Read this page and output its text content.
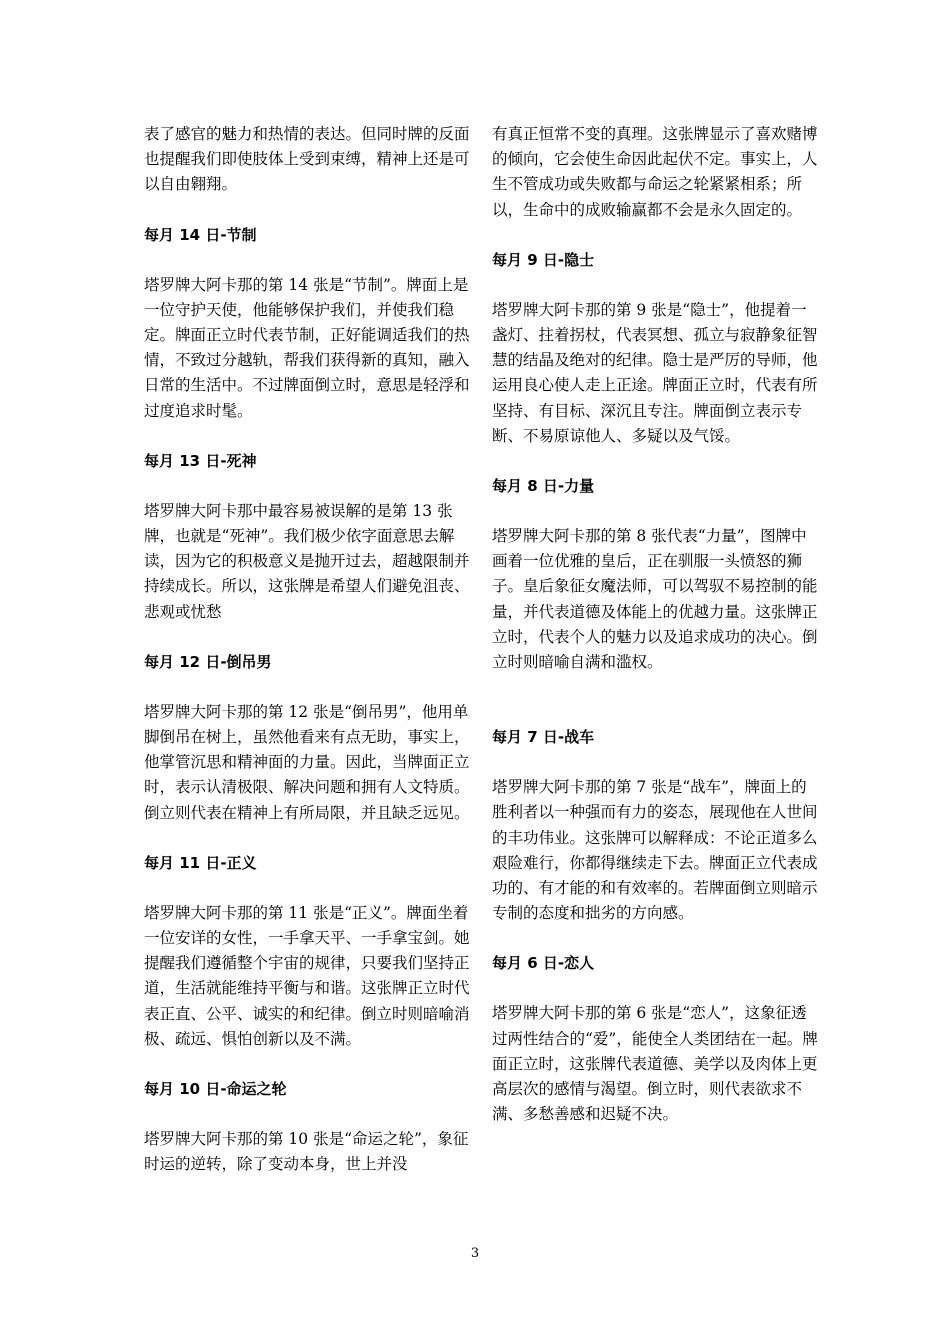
表了感官的魅力和热情的表达。但同时牌的反面也提醒我们即使肢体上受到束缚，精神上还是可以自由翱翔。

每月 14 日-节制

塔罗牌大阿卡那的第 14 张是“节制”。牌面上是一位守护天使，他能够保护我们，并使我们稳定。牌面正立时代表节制，正好能调适我们的热情，不致过分越轨，帮我们获得新的真知，融入日常的生活中。不过牌面倒立时，意思是轻浮和过度追求时髦。

每月 13 日-死神

塔罗牌大阿卡那中最容易被误解的是第 13 张牌，也就是“死神”。我们极少依字面意思去解读，因为它的积极意义是抛开过去，超越限制并持续成长。所以，这张牌是希望人们避免沮丧、悲观或忧愁

每月 12 日-倒吊男

塔罗牌大阿卡那的第 12 张是“倒吊男”，他用单脚倒吊在树上，虽然他看来有点无助，事实上，他掌管沉思和精神面的力量。因此，当牌面正立时，表示认清极限、解决问题和拥有人文特质。倒立则代表在精神上有所局限，并且缺乏远见。

每月 11 日-正义

塔罗牌大阿卡那的第 11 张是“正义”。牌面坐着一位安详的女性，一手拿天平、一手拿宝剑。她提醒我们遵循整个宇宙的规律，只要我们坚持正道，生活就能维持平衡与和谐。这张牌正立时代表正直、公平、诚实的和纪律。倒立时则暗喻消极、疏远、惧怕创新以及不满。

每月 10 日-命运之轮

塔罗牌大阿卡那的第 10 张是“命运之轮”，象征时运的逆转，除了变动本身，世上并没

有真正恒常不变的真理。这张牌显示了喜欢赌博的倾向，它会使生命因此起伏不定。事实上，人生不管成功或失败都与命运之轮紧紧相系；所以，生命中的成败输赢都不会是永久固定的。

每月 9 日-隐士

塔罗牌大阿卡那的第 9 张是“隐士”，他提着一盏灯、拄着拐杖，代表冥想、孤立与寂静象征智慧的结晶及绝对的纪律。隐士是严厉的导师，他运用良心使人走上正途。牌面正立时，代表有所坚持、有目标、深沉且专注。牌面倒立表示专断、不易原谅他人、多疑以及气馁。

每月 8 日-力量

塔罗牌大阿卡那的第 8 张代表“力量”，图牌中画着一位优雅的皇后，正在驯服一头愤怒的狮子。皇后象征女魔法师，可以驾驭不易控制的能量，并代表道德及体能上的优越力量。这张牌正立时，代表个人的魅力以及追求成功的决心。倒立时则暗喻自满和滥权。

每月 7 日-战车

塔罗牌大阿卡那的第 7 张是“战车”，牌面上的胜利者以一种强而有力的姿态，展现他在人世间的丰功伟业。这张牌可以解释成：不论正道多么艰险难行，你都得继续走下去。牌面正立代表成功的、有才能的和有效率的。若牌面倒立则暗示专制的态度和拙劣的方向感。

每月 6 日-恋人

塔罗牌大阿卡那的第 6 张是“恋人”，这象征透过两性结合的“爱”，能使全人类团结在一起。牌面正立时，这张牌代表道德、美学以及肉体上更高层次的感情与渴望。倒立时，则代表欲求不满、多愁善感和迟疑不决。

3
